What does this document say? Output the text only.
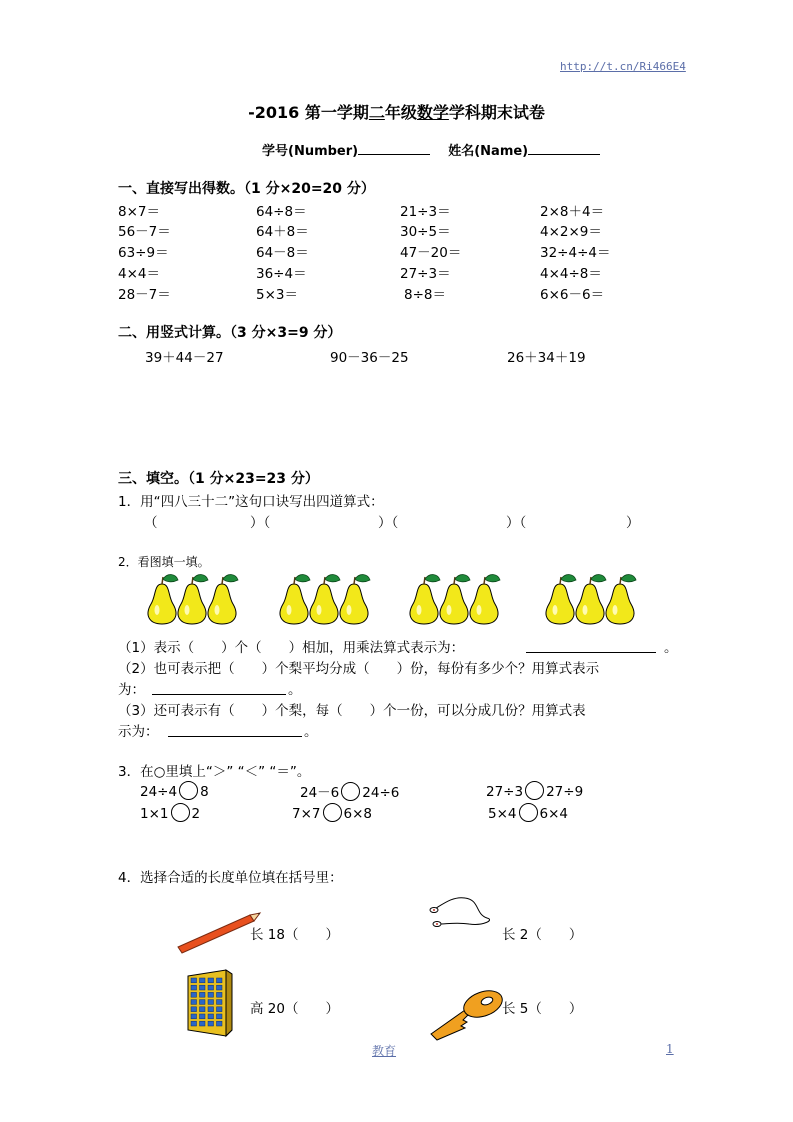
http://t.cn/Ri466E4
-2016 第一学期二年级数学学科期末试卷
学号(Number)	姓名(Name)
一、直接写出得数。（1 分×20=20 分）
8×7＝	64÷8＝	21÷3＝	2×8＋4＝
56－7＝	64＋8＝	30÷5＝	4×2×9＝
63÷9＝	64－8＝	47－20＝	32÷4÷4＝
4×4＝	36÷4＝	27÷3＝	4×4÷8＝
28－7＝	5×3＝	8÷8＝	6×6－6＝
二、用竖式计算。（3 分×3=9 分）
39＋44－27	90－36－25	26＋34＋19
三、填空。（1 分×23=23 分）
1．用“四八三十二”这句口诀写出四道算式：
（	）（	）（	）（	）
2．看图填一填。
（1）表示（　　）个（　　）相加，用乘法算式表示为：	。
（2）也可表示把（　　）个梨平均分成（　　）份，每份有多少个？用算式表示
为：	。
（3）还可表示有（　　）个梨，每（　　）个一份，可以分成几份？用算式表
示为：	。
3．在○里填上“＞” “＜” “＝”。
24÷4 8	24－6 24÷6	27÷3 27÷9
1×1 2	7×7 6×8	5×4 6×4
4．选择合适的长度单位填在括号里：
长 18（　　）	长 2（　　）
高 20（　　）	长 5（　　）
教育	1
